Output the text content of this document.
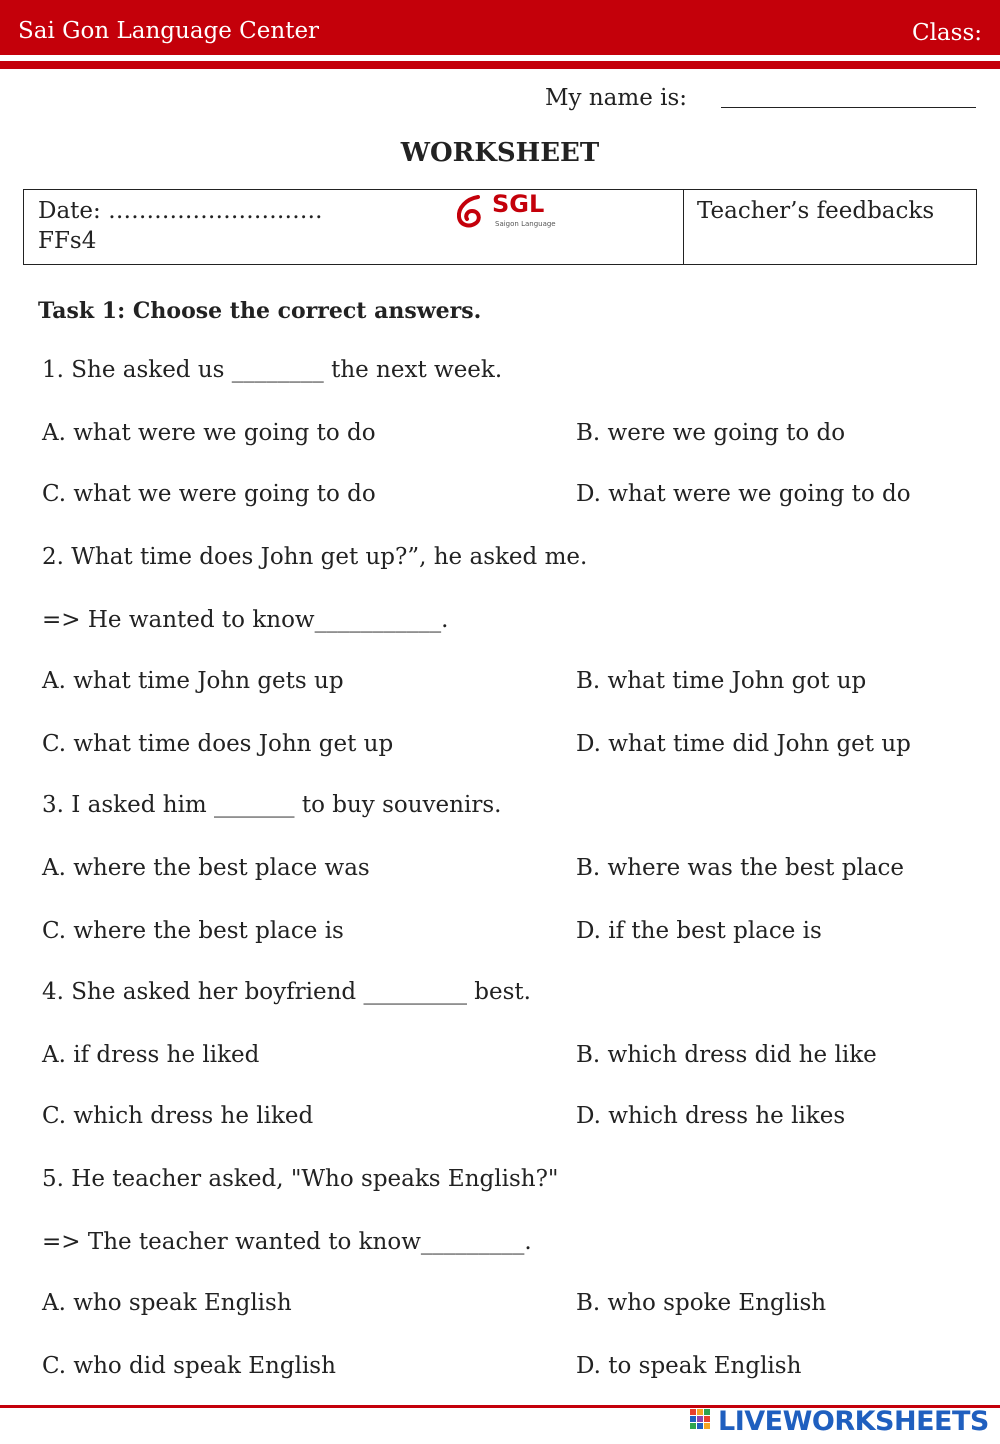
Sai Gon Language Center	Class:
My name is:
WORKSHEET
Date: ……………………….
FFs4
SGL
Saigon Language	Teacher’s feedbacks
Task 1: Choose the correct answers.
1. She asked us ________ the next week.
A. what were we going to do	B. were we going to do
C. what we were going to do	D. what were we going to do
2. What time does John get up?”, he asked me.
=> He wanted to know___________.
A. what time John gets up	B. what time John got up
C. what time does John get up	D. what time did John get up
3. I asked him _______ to buy souvenirs.
A. where the best place was	B. where was the best place
C. where the best place is	D. if the best place is
4. She asked her boyfriend _________ best.
A. if dress he liked	B. which dress did he like
C. which dress he liked	D. which dress he likes
5. He teacher asked, "Who speaks English?"
=> The teacher wanted to know_________.
A. who speak English	B. who spoke English
C. who did speak English	D. to speak English
LIVEWORKSHEETS
